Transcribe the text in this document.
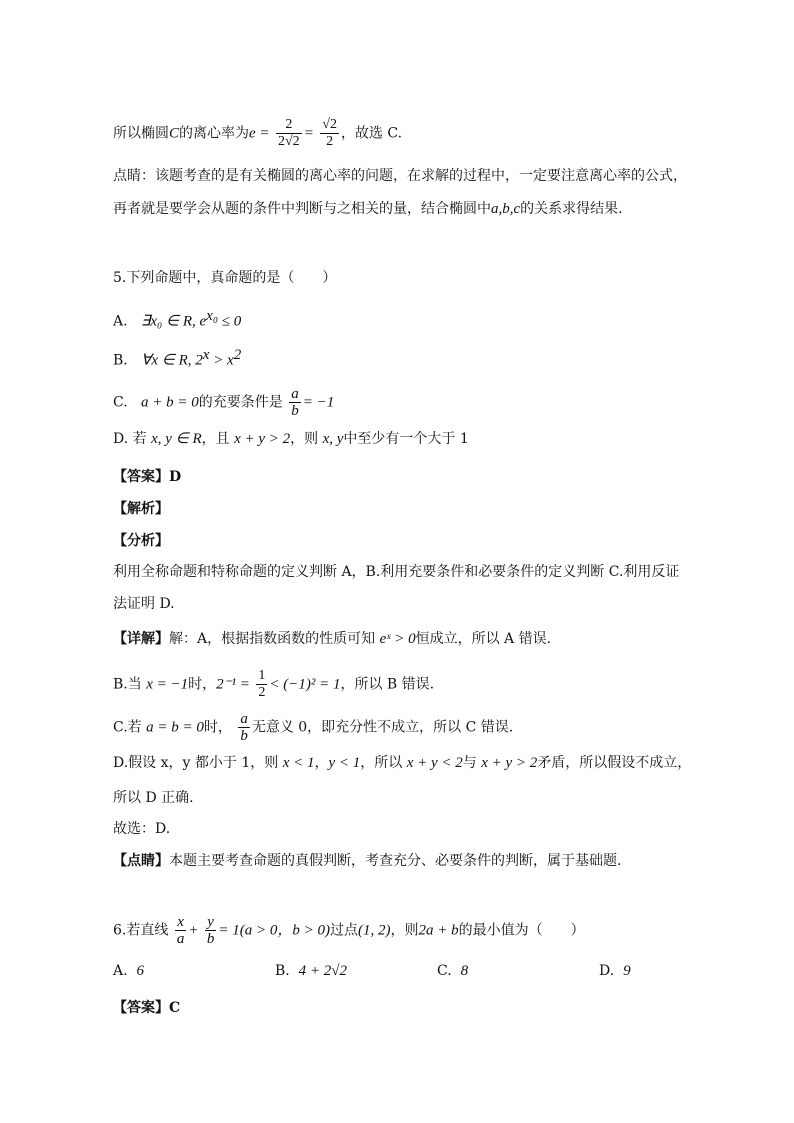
所以椭圆C的离心率为$e = \frac{2}{2√2} = \frac{√2}{2}$ ，故选 C.
点睛：该题考查的是有关椭圆的离心率的问题，在求解的过程中，一定要注意离心率的公式，
再者就是要学会从题的条件中判断与之相关的量，结合椭圆中a,b,c的关系求得结果.
5.下列命题中，真命题的是（　　）
A. ∃x₀ ∈ R, $e^{x_0} \le 0$
B. ∀x ∈ R, $2^x > x^2$
C. a + b = 0的充要条件是 $\frac{a}{b} = -1$
D. 若 x, y ∈ R，且 x + y > 2，则 x, y中至少有一个大于 1
【答案】D
【解析】
【分析】
利用全称命题和特称命题的定义判断 A，B.利用充要条件和必要条件的定义判断 C.利用反证
法证明 D.
【详解】解：A，根据指数函数的性质可知 eˣ > 0恒成立，所以 A 错误.
B.当 x = −1时，$2^{-1} = \frac{1}{2} < (-1)^2 = 1$，所以 B 错误.
C.若 a = b = 0时， $\frac{a}{b}$ 无意义 0，即充分性不成立，所以 C 错误.
D.假设 x，y 都小于 1，则 x < 1，y < 1，所以 x + y < 2与 x + y > 2矛盾，所以假设不成立，
所以 D 正确.
故选：D.
【点睛】本题主要考查命题的真假判断，考查充分、必要条件的判断，属于基础题.
6.若直线 $\frac{x}{a} + \frac{y}{b} = 1(a > 0$，b > 0)过点(1, 2)，则2a + b的最小值为（　　）
A. 6	B. 4 + 2√2	C. 8	D. 9
【答案】C
